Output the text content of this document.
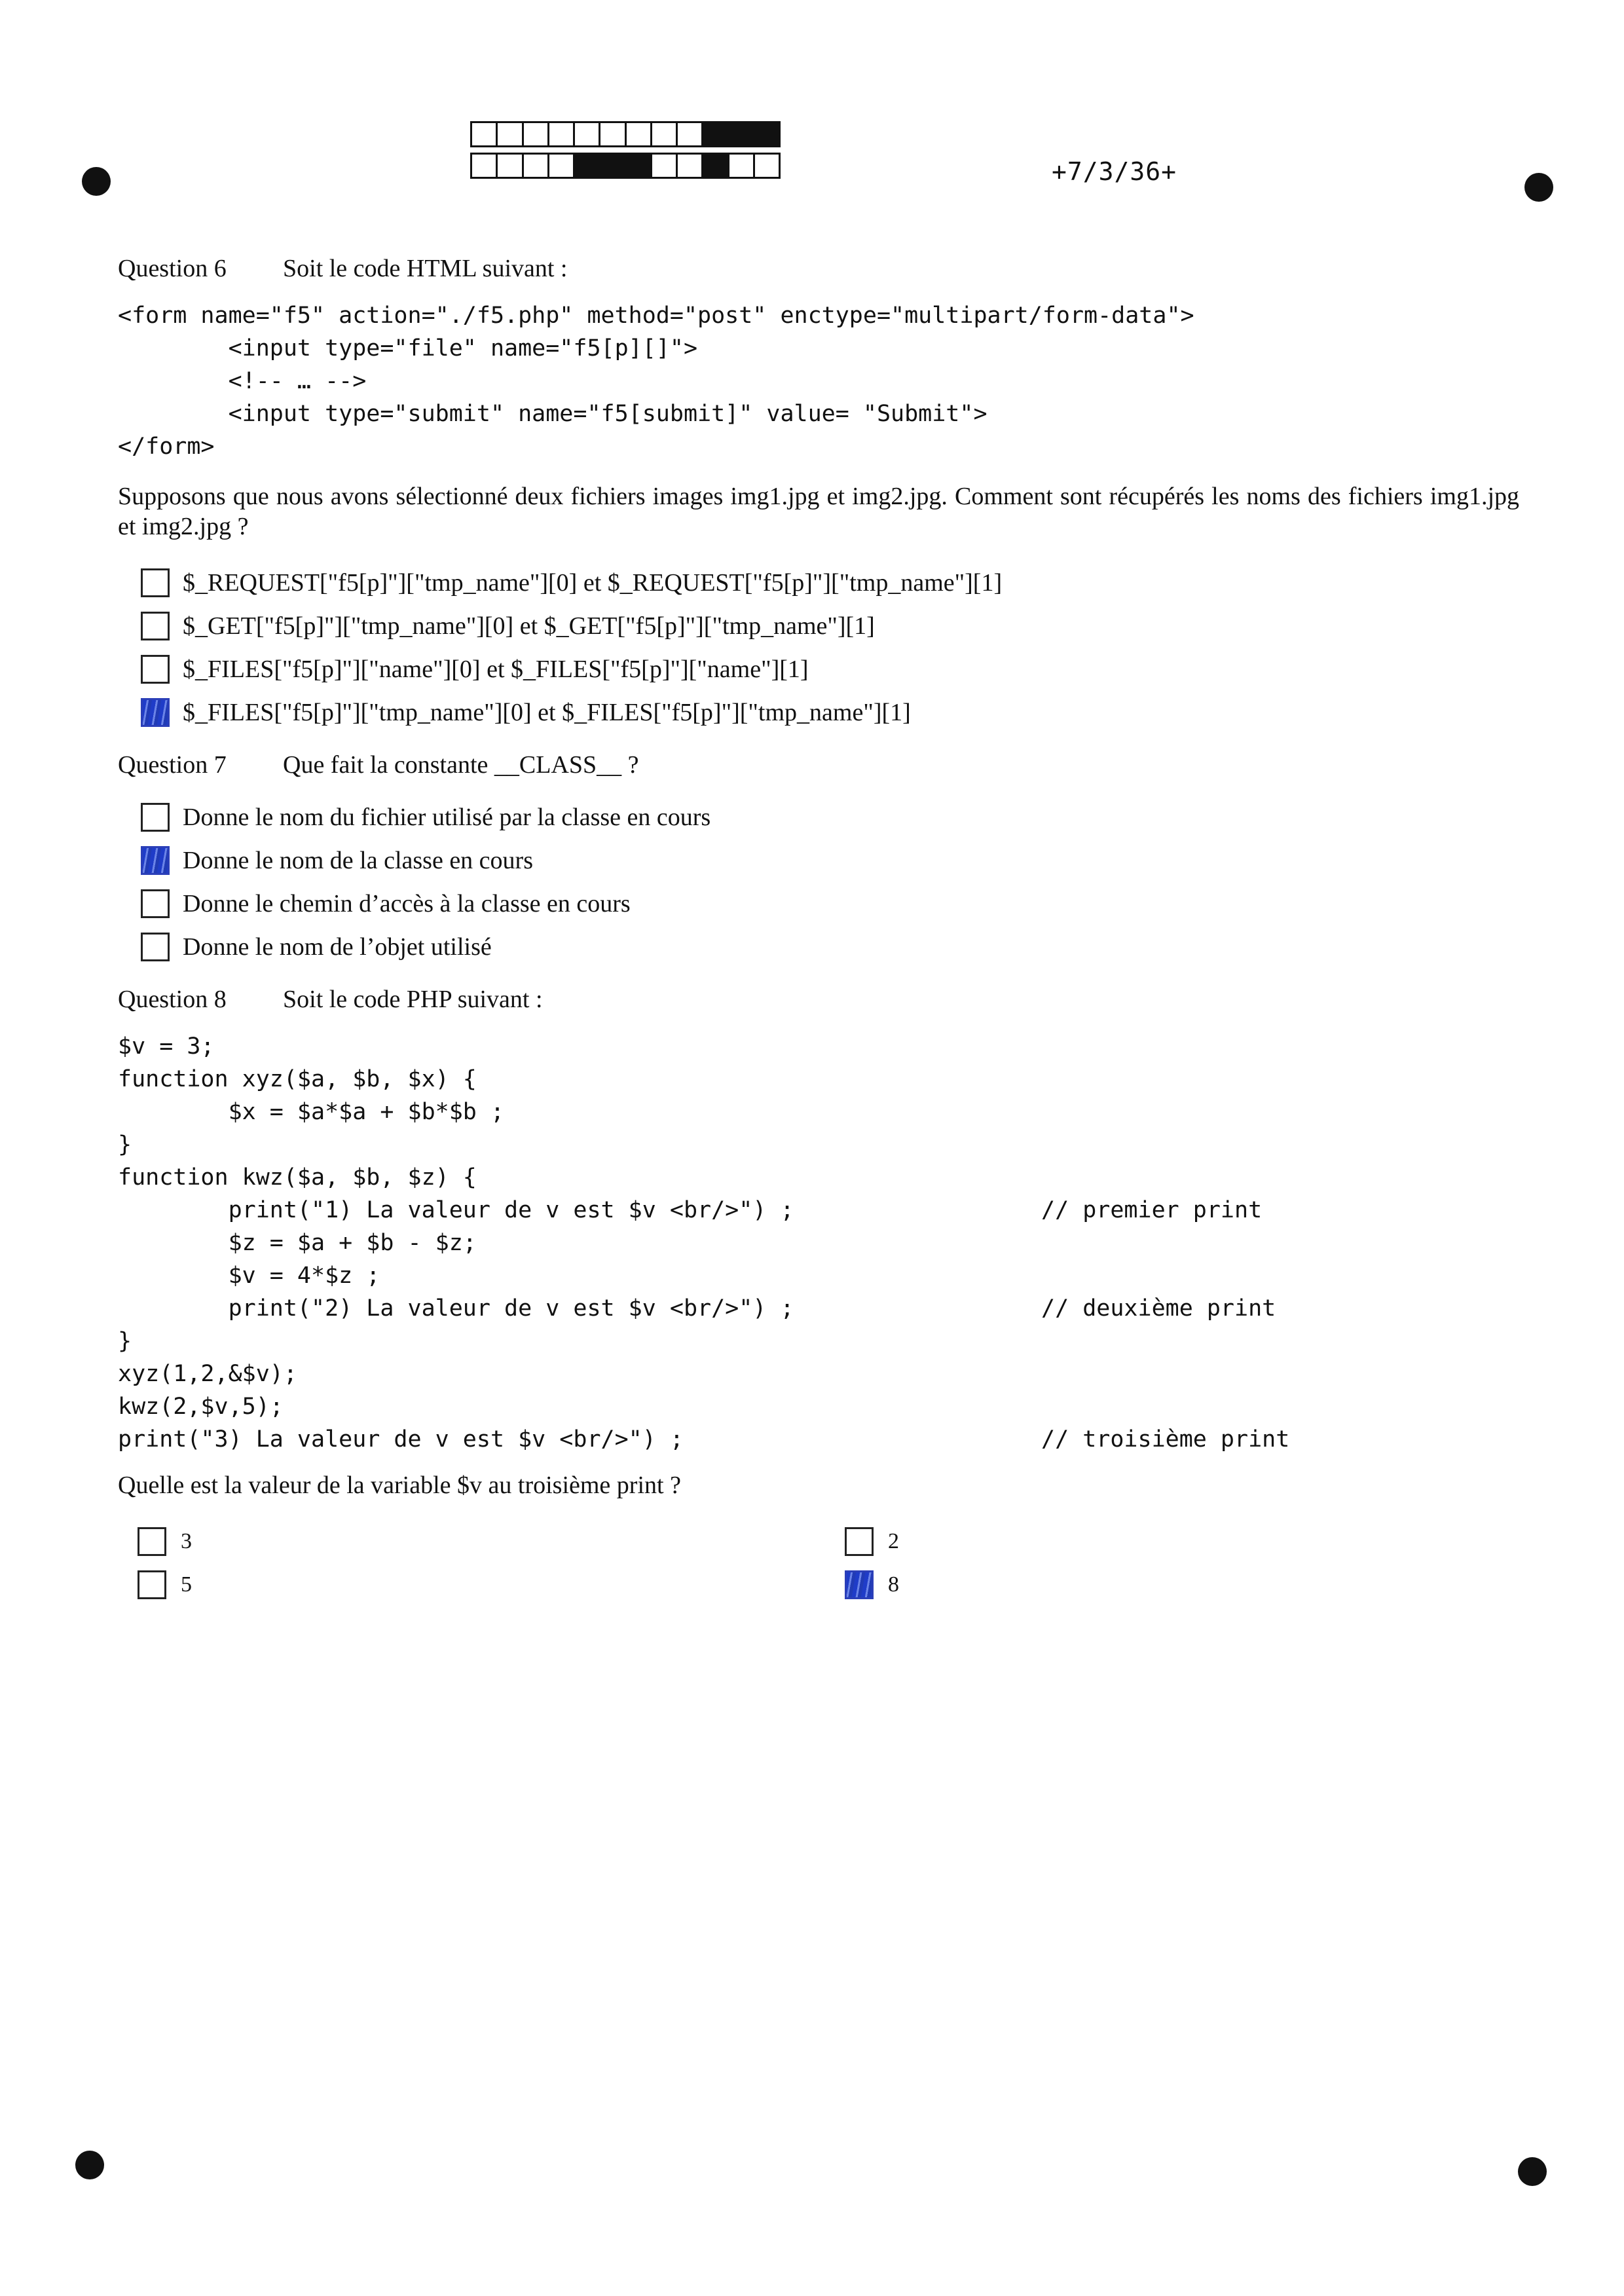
+7/3/36+

Question 6 Soit le code HTML suivant :

<form name="f5" action="./f5.php" method="post" enctype="multipart/form-data">
<input type="file" name="f5[p][]">
<!-- … -->
<input type="submit" name="f5[submit]" value= "Submit">
</form>
Supposons que nous avons sélectionné deux fichiers images img1.jpg et img2.jpg. Comment sont récupérés les noms des fichiers img1.jpg et img2.jpg ?
$_REQUEST["f5[p]"]["tmp_name"][0] et $_REQUEST["f5[p]"]["tmp_name"][1]
$_GET["f5[p]"]["tmp_name"][0] et $_GET["f5[p]"]["tmp_name"][1]
$_FILES["f5[p]"]["name"][0] et $_FILES["f5[p]"]["name"][1]
$_FILES["f5[p]"]["tmp_name"][0] et $_FILES["f5[p]"]["tmp_name"][1]

Question 7 Que fait la constante __CLASS__ ?

Donne le nom du fichier utilisé par la classe en cours
Donne le nom de la classe en cours
Donne le chemin d’accès à la classe en cours
Donne le nom de l’objet utilisé

Question 8 Soit le code PHP suivant :

$v = 3;
function xyz($a, $b, $x) {
$x = $a*$a + $b*$b ;
}
function kwz($a, $b, $z) {
print("1) La valeur de v est $v <br/>") ;	// premier print
$z = $a + $b - $z;
$v = 4*$z ;
print("2) La valeur de v est $v <br/>") ;	// deuxième print
}
xyz(1,2,&$v);
kwz(2,$v,5);
print("3) La valeur de v est $v <br/>") ;	// troisième print
Quelle est la valeur de la variable $v au troisième print ?
3	2
5	8
